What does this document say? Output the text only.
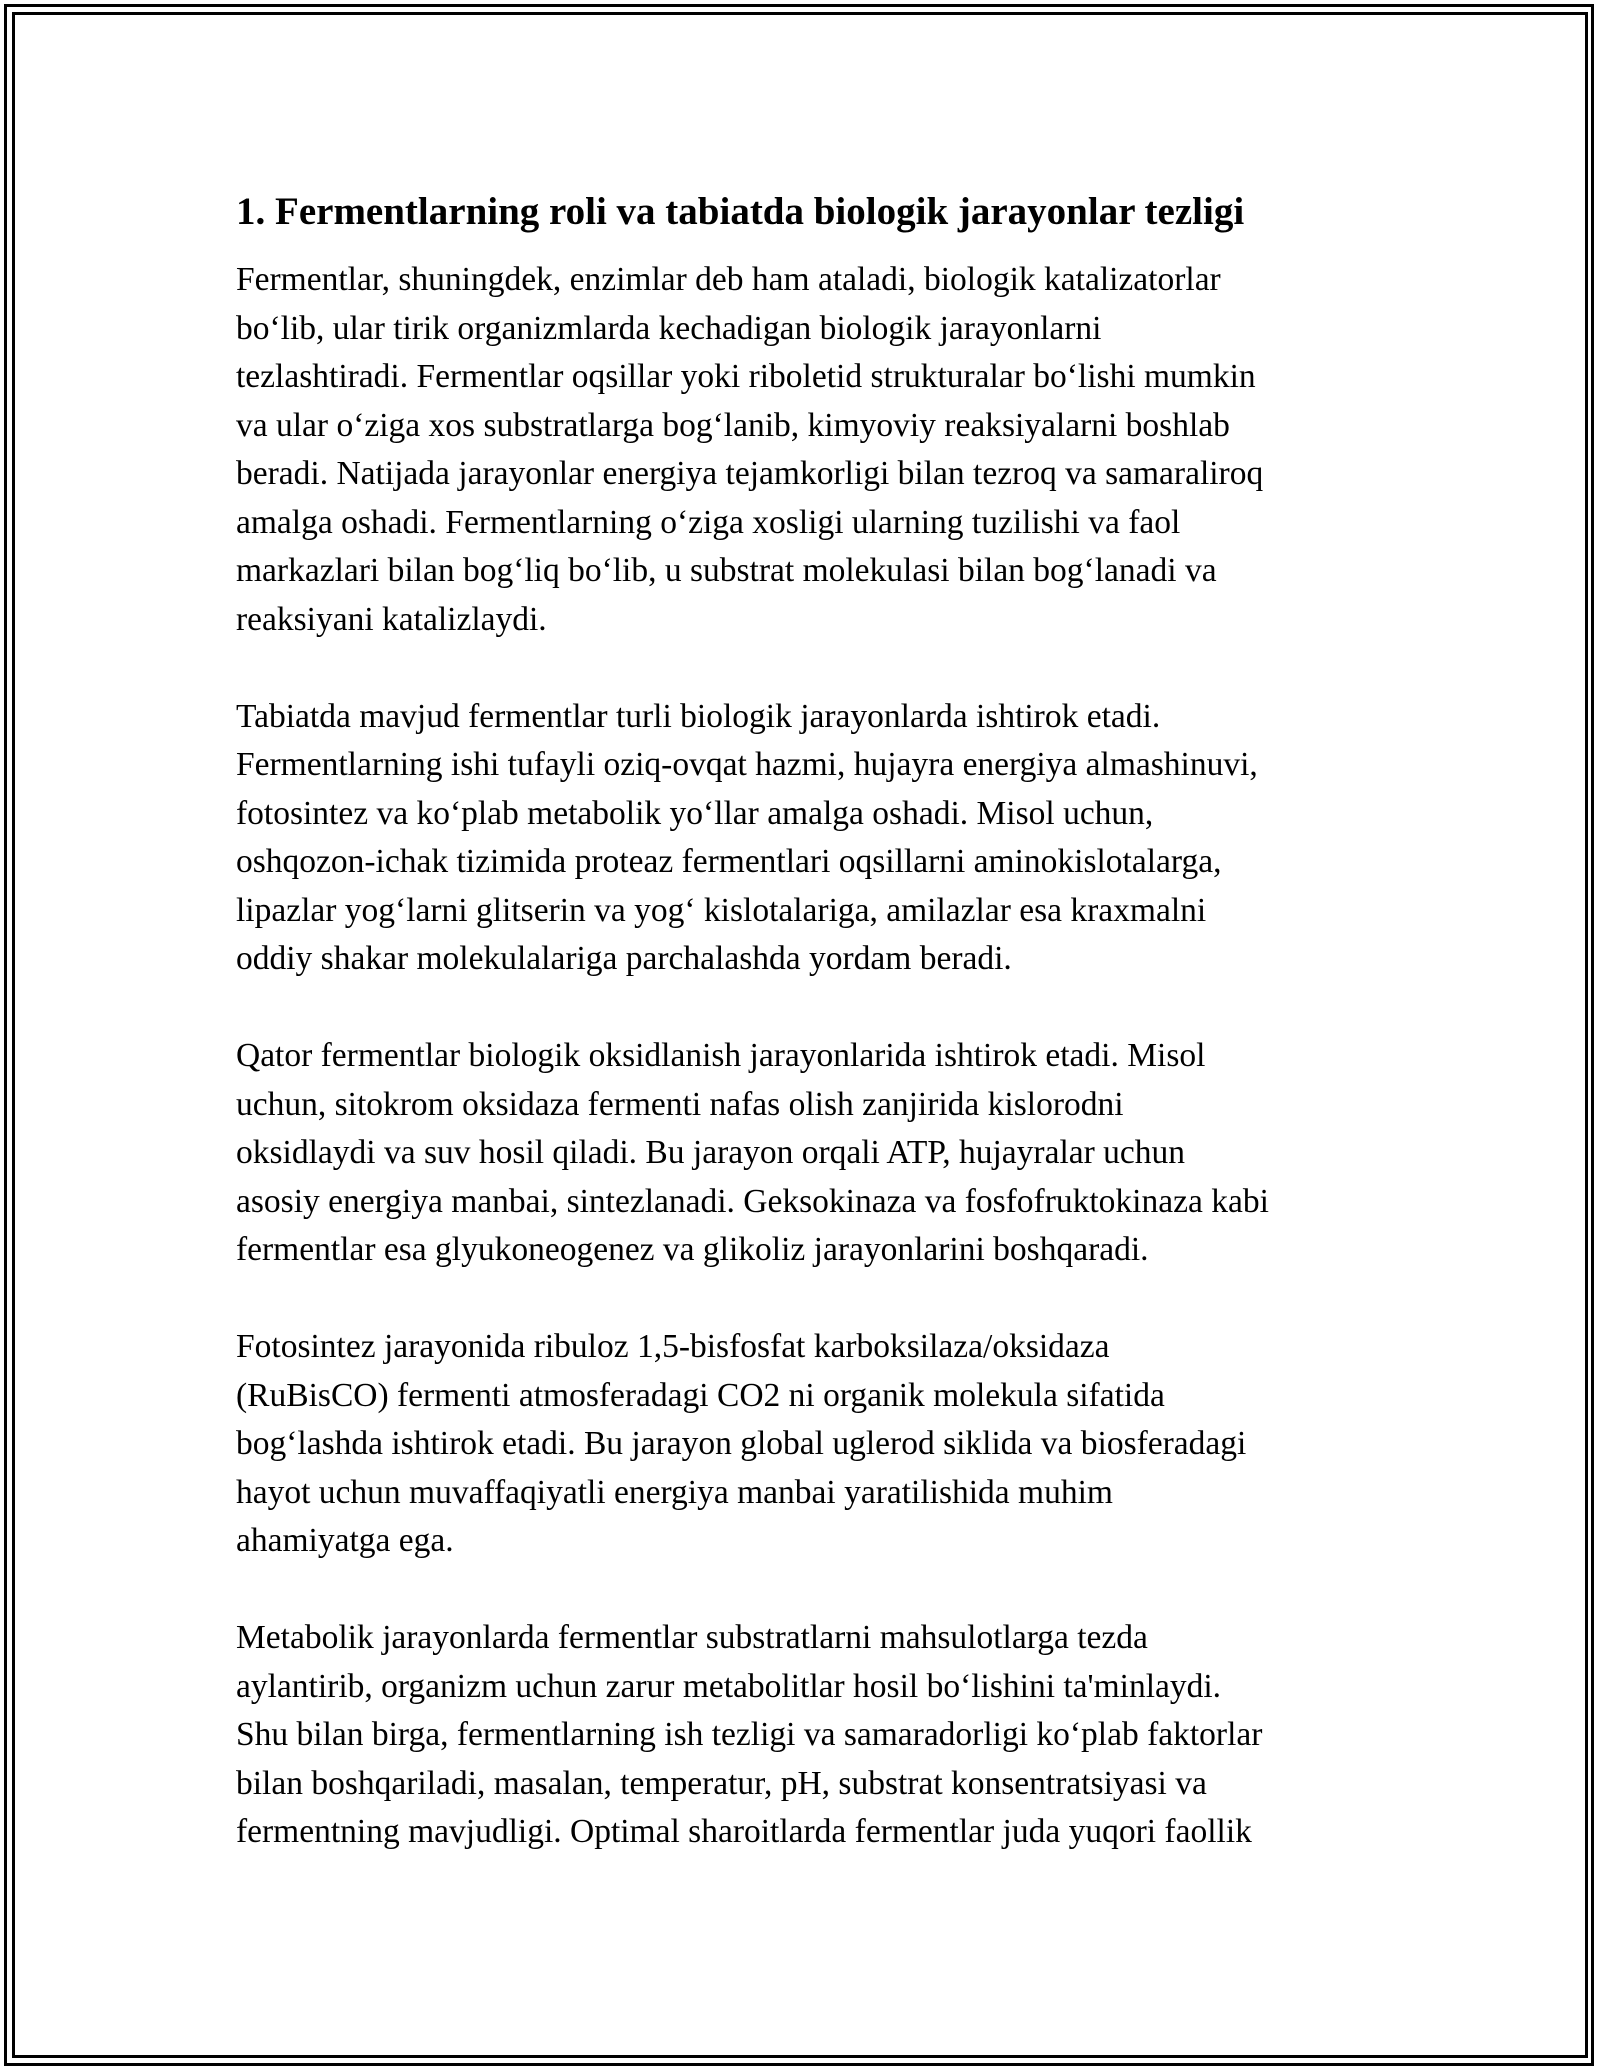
1. Fermentlarning roli va tabiatda biologik jarayonlar tezligi
Fermentlar, shuningdek, enzimlar deb ham ataladi, biologik katalizatorlar
bo‘lib, ular tirik organizmlarda kechadigan biologik jarayonlarni
tezlashtiradi. Fermentlar oqsillar yoki riboletid strukturalar bo‘lishi mumkin
va ular o‘ziga xos substratlarga bog‘lanib, kimyoviy reaksiyalarni boshlab
beradi. Natijada jarayonlar energiya tejamkorligi bilan tezroq va samaraliroq
amalga oshadi. Fermentlarning o‘ziga xosligi ularning tuzilishi va faol
markazlari bilan bog‘liq bo‘lib, u substrat molekulasi bilan bog‘lanadi va
reaksiyani katalizlaydi.
Tabiatda mavjud fermentlar turli biologik jarayonlarda ishtirok etadi.
Fermentlarning ishi tufayli oziq-ovqat hazmi, hujayra energiya almashinuvi,
fotosintez va ko‘plab metabolik yo‘llar amalga oshadi. Misol uchun,
oshqozon-ichak tizimida proteaz fermentlari oqsillarni aminokislotalarga,
lipazlar yog‘larni glitserin va yog‘ kislotalariga, amilazlar esa kraxmalni
oddiy shakar molekulalariga parchalashda yordam beradi.
Qator fermentlar biologik oksidlanish jarayonlarida ishtirok etadi. Misol
uchun, sitokrom oksidaza fermenti nafas olish zanjirida kislorodni
oksidlaydi va suv hosil qiladi. Bu jarayon orqali ATP, hujayralar uchun
asosiy energiya manbai, sintezlanadi. Geksokinaza va fosfofruktokinaza kabi
fermentlar esa glyukoneogenez va glikoliz jarayonlarini boshqaradi.
Fotosintez jarayonida ribuloz 1,5-bisfosfat karboksilaza/oksidaza
(RuBisCO) fermenti atmosferadagi CO2 ni organik molekula sifatida
bog‘lashda ishtirok etadi. Bu jarayon global uglerod siklida va biosferadagi
hayot uchun muvaffaqiyatli energiya manbai yaratilishida muhim
ahamiyatga ega.
Metabolik jarayonlarda fermentlar substratlarni mahsulotlarga tezda
aylantirib, organizm uchun zarur metabolitlar hosil bo‘lishini ta'minlaydi.
Shu bilan birga, fermentlarning ish tezligi va samaradorligi ko‘plab faktorlar
bilan boshqariladi, masalan, temperatur, pH, substrat konsentratsiyasi va
fermentning mavjudligi. Optimal sharoitlarda fermentlar juda yuqori faollik
